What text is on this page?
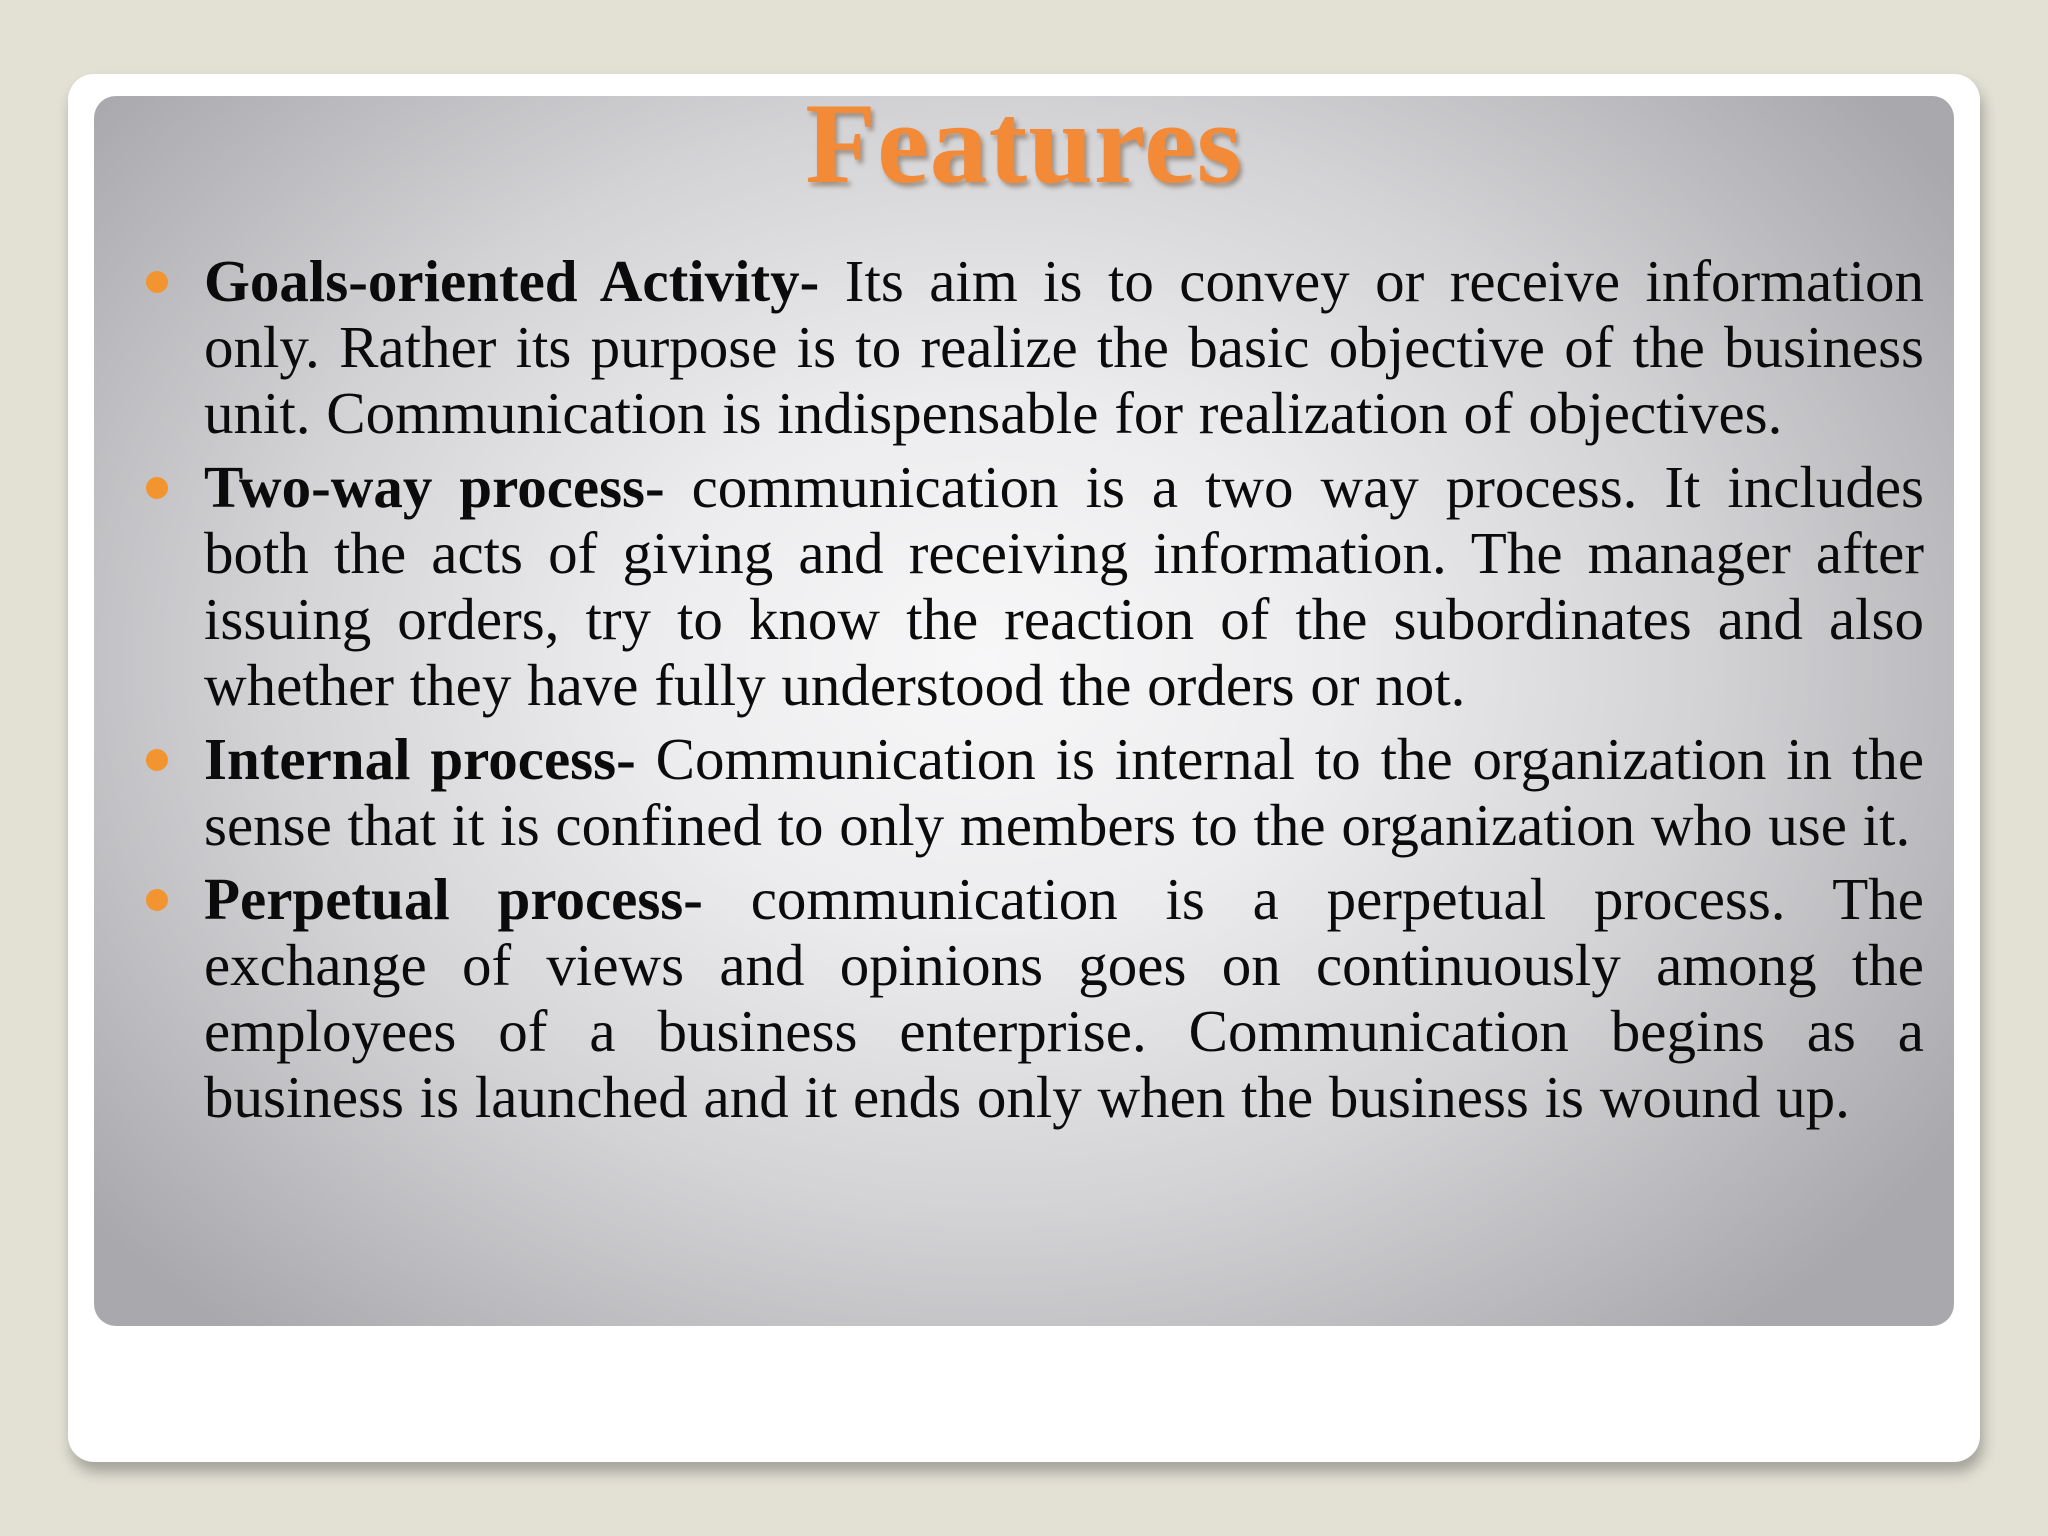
Features
Goals-oriented Activity- Its aim is to convey or receive information only. Rather its purpose is to realize the basic objective of the business unit. Communication is indispensable for realization of objectives.
Two-way process- communication is a two way process. It includes both the acts of giving and receiving information. The manager after issuing orders, try to know the reaction of the subordinates and also whether they have fully understood the orders or not.
Internal process- Communication is internal to the organization in the sense that it is confined to only members to the organization who use it.
Perpetual process- communication is a perpetual process. The exchange of views and opinions goes on continuously among the employees of a business enterprise. Communication begins as a business is launched and it ends only when the business is wound up.
